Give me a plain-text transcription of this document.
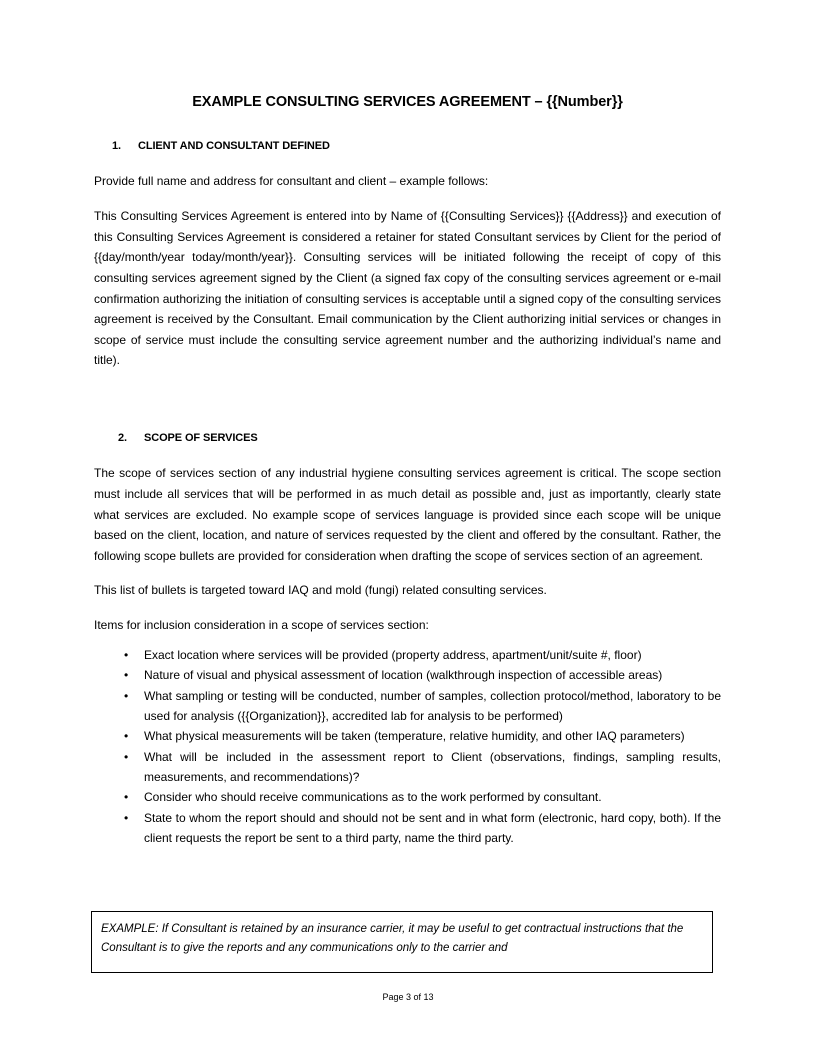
EXAMPLE CONSULTING SERVICES AGREEMENT – {{Number}}
1. CLIENT AND CONSULTANT DEFINED

Provide full name and address for consultant and client – example follows:

This Consulting Services Agreement is entered into by Name of {{Consulting Services}} {{Address}} and execution of this Consulting Services Agreement is considered a retainer for stated Consultant services by Client for the period of {{day/month/year today/month/year}}. Consulting services will be initiated following the receipt of copy of this consulting services agreement signed by the Client (a signed fax copy of the consulting services agreement or e-mail confirmation authorizing the initiation of consulting services is acceptable until a signed copy of the consulting services agreement is received by the Consultant. Email communication by the Client authorizing initial services or changes in scope of service must include the consulting service agreement number and the authorizing individual’s name and title).

2. SCOPE OF SERVICES

The scope of services section of any industrial hygiene consulting services agreement is critical. The scope section must include all services that will be performed in as much detail as possible and, just as importantly, clearly state what services are excluded. No example scope of services language is provided since each scope will be unique based on the client, location, and nature of services requested by the client and offered by the consultant. Rather, the following scope bullets are provided for consideration when drafting the scope of services section of an agreement.

This list of bullets is targeted toward IAQ and mold (fungi) related consulting services.

Items for inclusion consideration in a scope of services section:

• Exact location where services will be provided (property address, apartment/unit/suite #, floor)
• Nature of visual and physical assessment of location (walkthrough inspection of accessible areas)
• What sampling or testing will be conducted, number of samples, collection protocol/method, laboratory to be used for analysis ({{Organization}}, accredited lab for analysis to be performed)
• What physical measurements will be taken (temperature, relative humidity, and other IAQ parameters)
• What will be included in the assessment report to Client (observations, findings, sampling results, measurements, and recommendations)?
• Consider who should receive communications as to the work performed by consultant.
• State to whom the report should and should not be sent and in what form (electronic, hard copy, both). If the client requests the report be sent to a third party, name the third party.
EXAMPLE: If Consultant is retained by an insurance carrier, it may be useful to get contractual instructions that the Consultant is to give the reports and any communications only to the carrier and
Page 3 of 13
